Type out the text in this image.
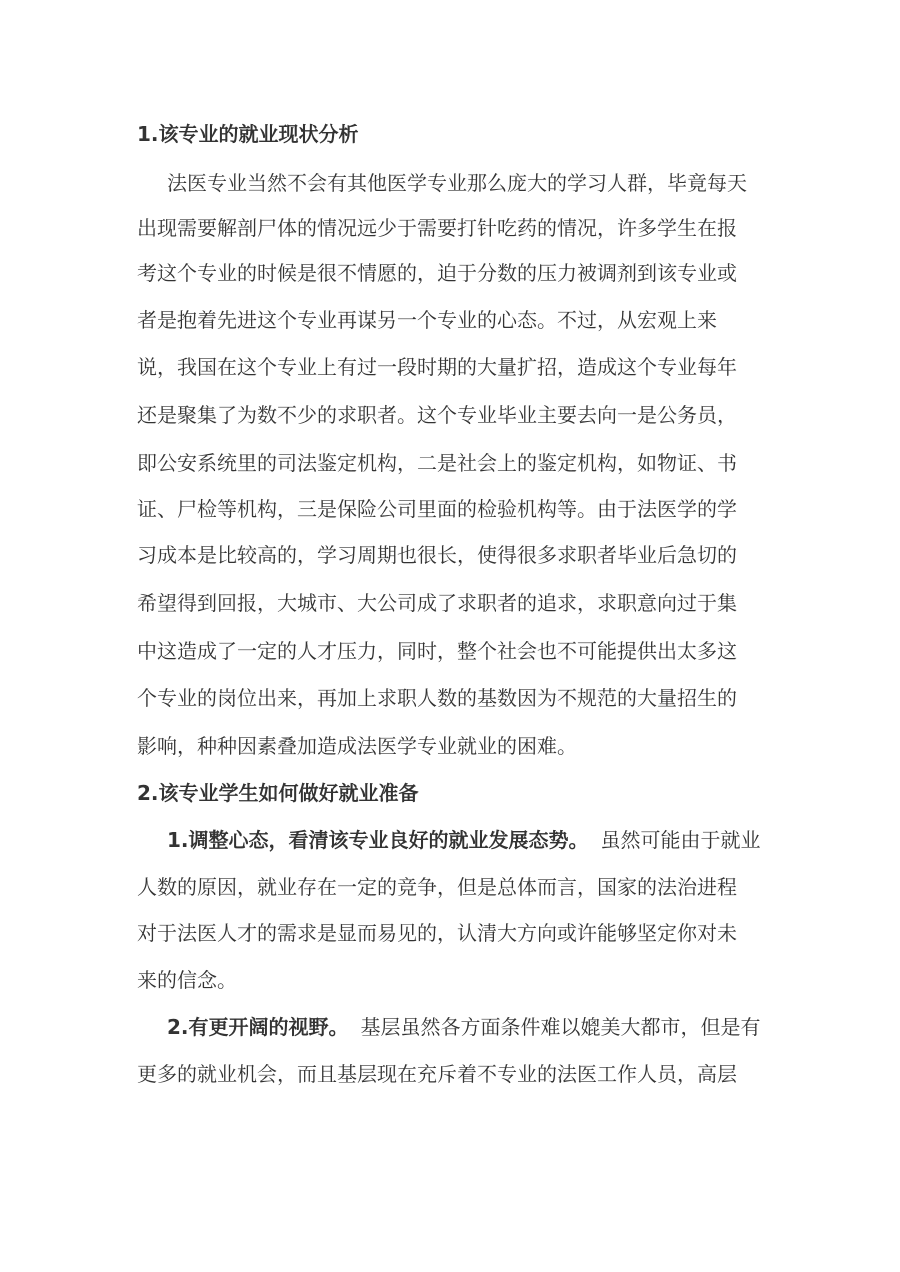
1.该专业的就业现状分析
法医专业当然不会有其他医学专业那么庞大的学习人群，毕竟每天
出现需要解剖尸体的情况远少于需要打针吃药的情况，许多学生在报
考这个专业的时候是很不情愿的，迫于分数的压力被调剂到该专业或
者是抱着先进这个专业再谋另一个专业的心态。不过，从宏观上来
说，我国在这个专业上有过一段时期的大量扩招，造成这个专业每年
还是聚集了为数不少的求职者。这个专业毕业主要去向一是公务员，
即公安系统里的司法鉴定机构，二是社会上的鉴定机构，如物证、书
证、尸检等机构，三是保险公司里面的检验机构等。由于法医学的学
习成本是比较高的，学习周期也很长，使得很多求职者毕业后急切的
希望得到回报，大城市、大公司成了求职者的追求，求职意向过于集
中这造成了一定的人才压力，同时，整个社会也不可能提供出太多这
个专业的岗位出来，再加上求职人数的基数因为不规范的大量招生的
影响，种种因素叠加造成法医学专业就业的困难。
2.该专业学生如何做好就业准备
1.调整心态，看清该专业良好的就业发展态势。 虽然可能由于就业
人数的原因，就业存在一定的竞争，但是总体而言，国家的法治进程
对于法医人才的需求是显而易见的，认清大方向或许能够坚定你对未
来的信念。
2.有更开阔的视野。 基层虽然各方面条件难以媲美大都市，但是有
更多的就业机会，而且基层现在充斥着不专业的法医工作人员，高层
